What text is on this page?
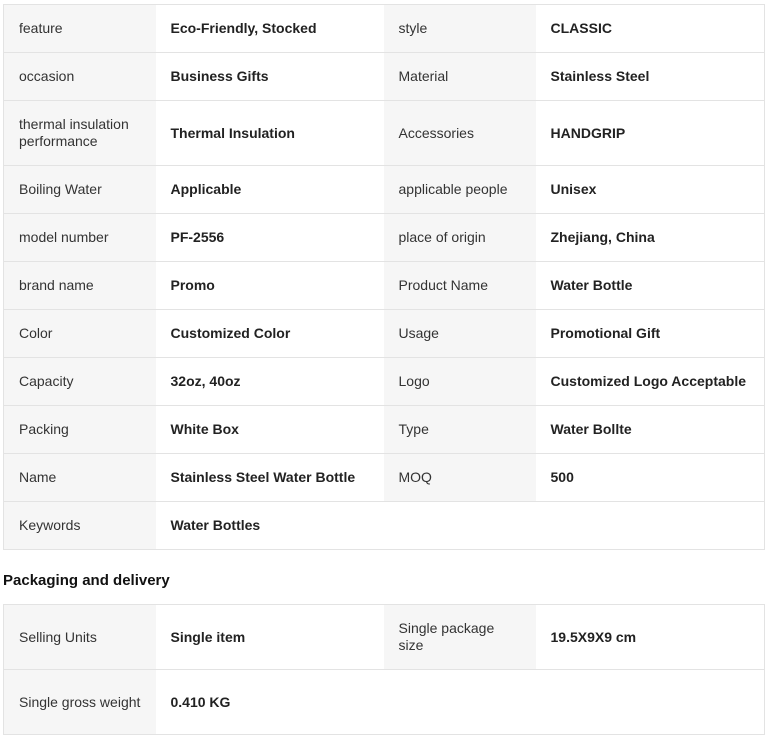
feature	Eco-Friendly, Stocked	style	CLASSIC
occasion	Business Gifts	Material	Stainless Steel
thermal insulation performance	Thermal Insulation	Accessories	HANDGRIP
Boiling Water	Applicable	applicable people	Unisex
model number	PF-2556	place of origin	Zhejiang, China
brand name	Promo	Product Name	Water Bottle
Color	Customized Color	Usage	Promotional Gift
Capacity	32oz, 40oz	Logo	Customized Logo Acceptable
Packing	White Box	Type	Water Bollte
Name	Stainless Steel Water Bottle	MOQ	500
Keywords	Water Bottles		
Packaging and delivery
Selling Units	Single item	Single package size	19.5X9X9 cm
Single gross weight	0.410 KG		
